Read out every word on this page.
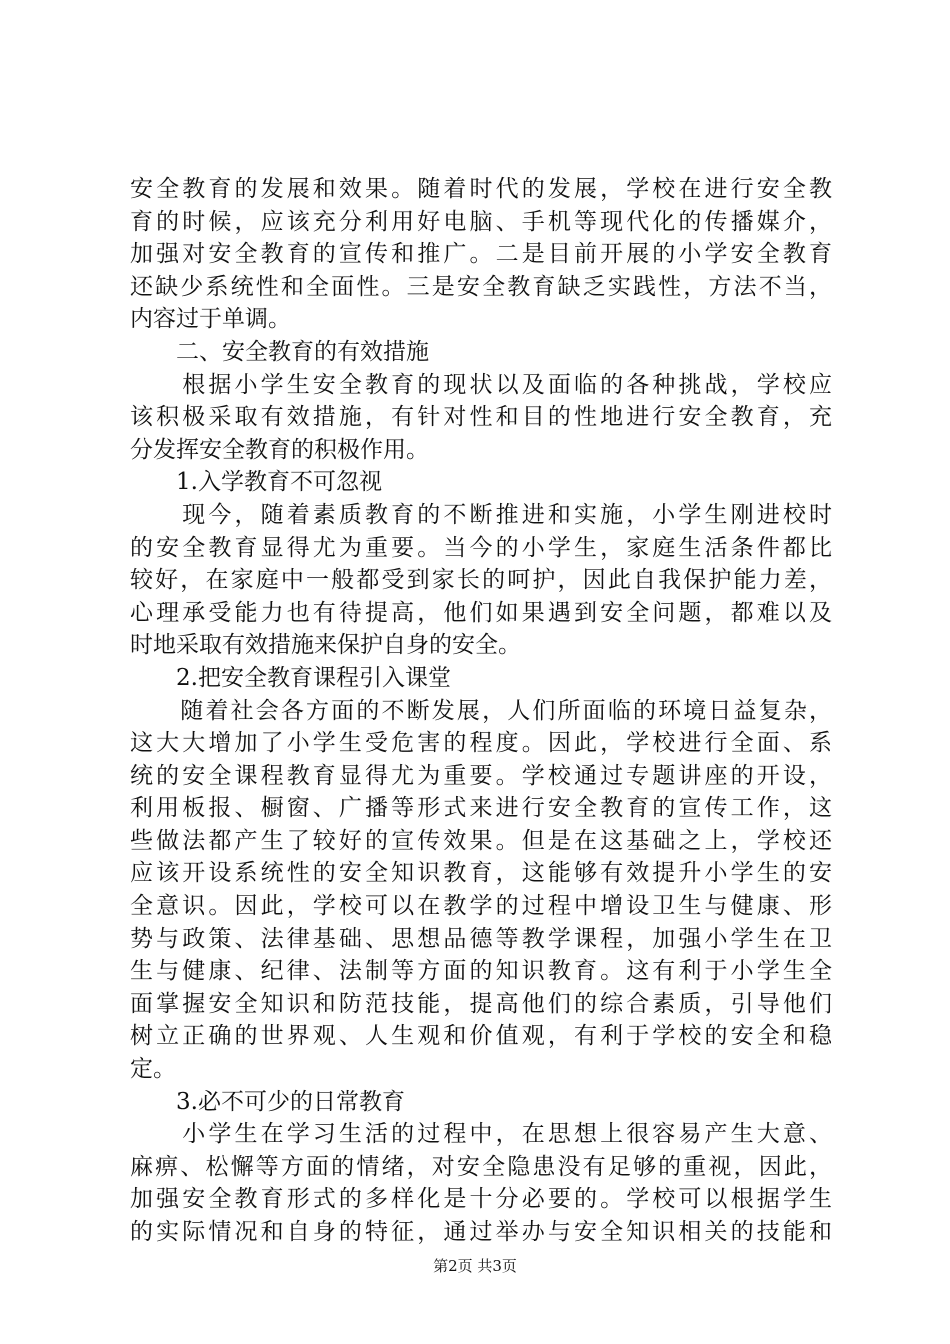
安全教育的发展和效果。随着时代的发展，学校在进行安全教
育的时候，应该充分利用好电脑、手机等现代化的传播媒介，
加强对安全教育的宣传和推广。二是目前开展的小学安全教育
还缺少系统性和全面性。三是安全教育缺乏实践性，方法不当，
内容过于单调。
　　二、安全教育的有效措施
　　根据小学生安全教育的现状以及面临的各种挑战，学校应
该积极采取有效措施，有针对性和目的性地进行安全教育，充
分发挥安全教育的积极作用。
　　1.入学教育不可忽视
　　现今，随着素质教育的不断推进和实施，小学生刚进校时
的安全教育显得尤为重要。当今的小学生，家庭生活条件都比
较好，在家庭中一般都受到家长的呵护，因此自我保护能力差，
心理承受能力也有待提高，他们如果遇到安全问题，都难以及
时地采取有效措施来保护自身的安全。
　　2.把安全教育课程引入课堂
　　随着社会各方面的不断发展，人们所面临的环境日益复杂，
这大大增加了小学生受危害的程度。因此，学校进行全面、系
统的安全课程教育显得尤为重要。学校通过专题讲座的开设，
利用板报、橱窗、广播等形式来进行安全教育的宣传工作，这
些做法都产生了较好的宣传效果。但是在这基础之上，学校还
应该开设系统性的安全知识教育，这能够有效提升小学生的安
全意识。因此，学校可以在教学的过程中增设卫生与健康、形
势与政策、法律基础、思想品德等教学课程，加强小学生在卫
生与健康、纪律、法制等方面的知识教育。这有利于小学生全
面掌握安全知识和防范技能，提高他们的综合素质，引导他们
树立正确的世界观、人生观和价值观，有利于学校的安全和稳
定。
　　3.必不可少的日常教育
　　小学生在学习生活的过程中，在思想上很容易产生大意、
麻痹、松懈等方面的情绪，对安全隐患没有足够的重视，因此，
加强安全教育形式的多样化是十分必要的。学校可以根据学生
的实际情况和自身的特征，通过举办与安全知识相关的技能和
第2页 共3页
